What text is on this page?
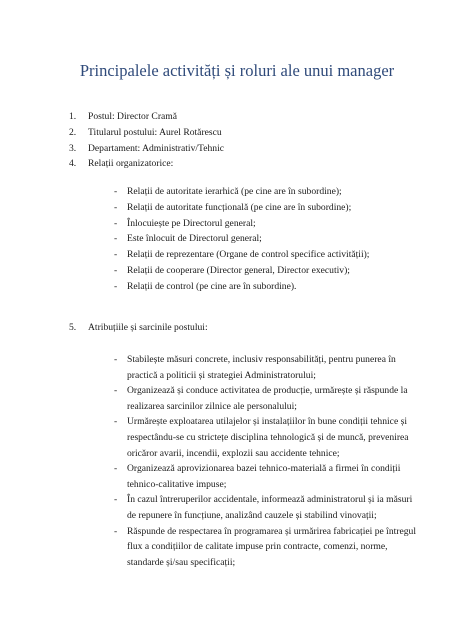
Principalele activități și roluri ale unui manager
1. Postul: Director Cramă
2. Titularul postului: Aurel Rotărescu
3. Departament: Administrativ/Tehnic
4. Relații organizatorice:
- Relații de autoritate ierarhică (pe cine are în subordine);
- Relații de autoritate funcțională (pe cine are în subordine);
- Înlocuiește pe Directorul general;
- Este înlocuit de Directorul general;
- Relații de reprezentare (Organe de control specifice activității);
- Relații de cooperare (Director general, Director executiv);
- Relații de control (pe cine are în subordine).
5. Atribuțiile și sarcinile postului:
- Stabilește măsuri concrete, inclusiv responsabilități, pentru punerea în
practică a politicii și strategiei Administratorului;
- Organizează și conduce activitatea de producție, urmărește și răspunde la
realizarea sarcinilor zilnice ale personalului;
- Urmărește exploatarea utilajelor și instalațiilor în bune condiții tehnice și
respectându-se cu strictețe disciplina tehnologică și de muncă, prevenirea
oricăror avarii, incendii, explozii sau accidente tehnice;
- Organizează aprovizionarea bazei tehnico-materială a firmei în condiții
tehnico-calitative impuse;
- În cazul întreruperilor accidentale, informează administratorul și ia măsuri
de repunere în funcțiune, analizând cauzele și stabilind vinovații;
- Răspunde de respectarea în programarea și urmărirea fabricației pe întregul
flux a condițiilor de calitate impuse prin contracte, comenzi, norme,
standarde și/sau specificații;
